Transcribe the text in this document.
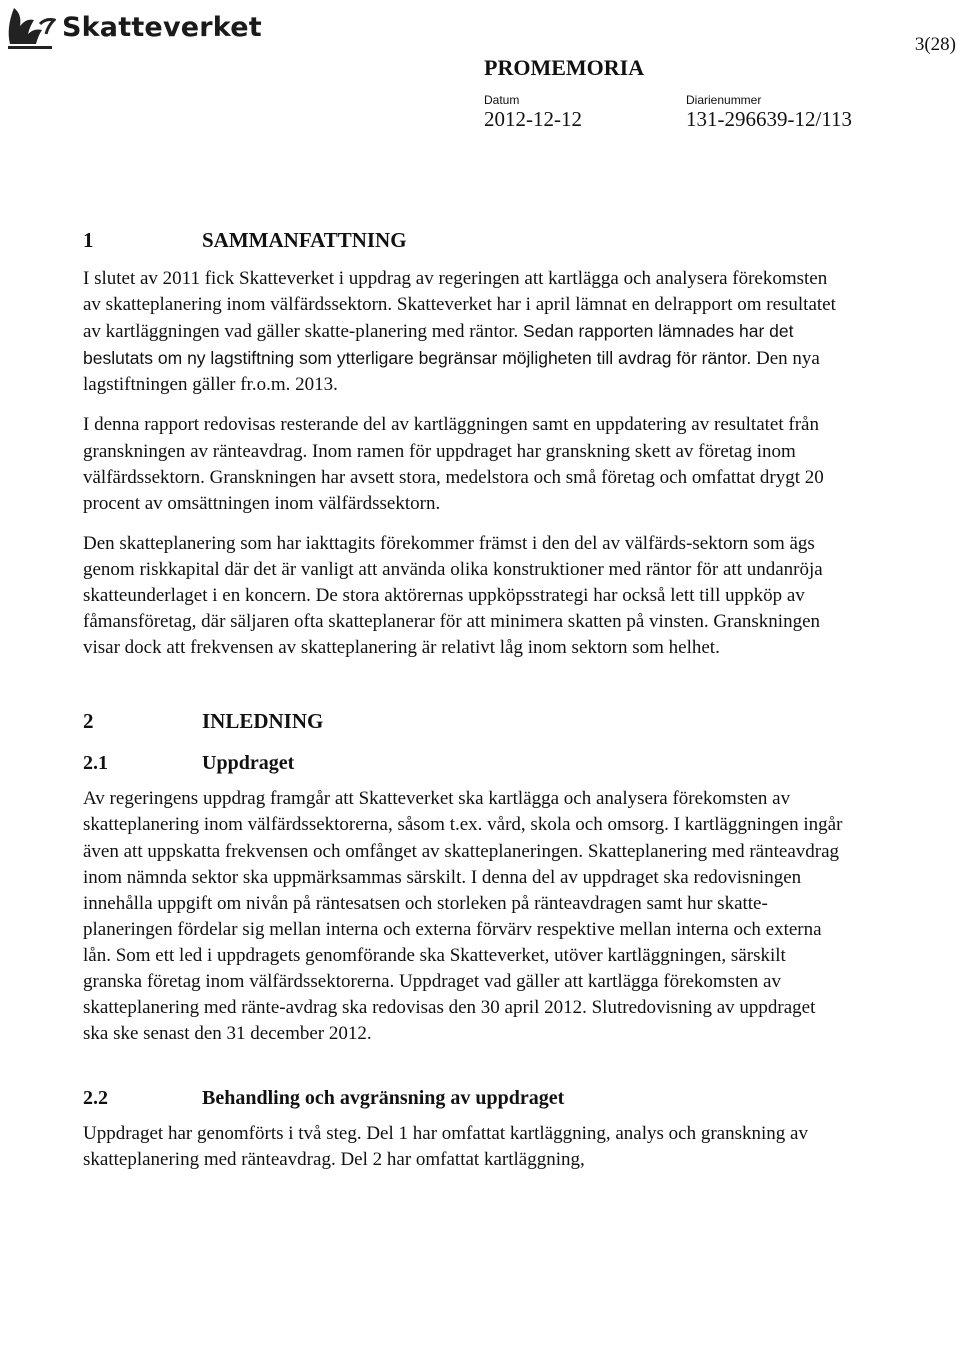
Skatteverket
3(28)
PROMEMORIA
Datum
2012-12-12
Diarienummer
131-296639-12/113
1	SAMMANFATTNING

I slutet av 2011 fick Skatteverket i uppdrag av regeringen att kartlägga och analysera förekomsten av skatteplanering inom välfärdssektorn. Skatteverket har i april lämnat en delrapport om resultatet av kartläggningen vad gäller skatte-planering med räntor. Sedan rapporten lämnades har det beslutats om ny lagstiftning som ytterligare begränsar möjligheten till avdrag för räntor. Den nya lagstiftningen gäller fr.o.m. 2013.

I denna rapport redovisas resterande del av kartläggningen samt en uppdatering av resultatet från granskningen av ränteavdrag. Inom ramen för uppdraget har granskning skett av företag inom välfärdssektorn. Granskningen har avsett stora, medelstora och små företag och omfattat drygt 20 procent av omsättningen inom välfärdssektorn.

Den skatteplanering som har iakttagits förekommer främst i den del av välfärds-sektorn som ägs genom riskkapital där det är vanligt att använda olika konstruktioner med räntor för att undanröja skatteunderlaget i en koncern. De stora aktörernas uppköpsstrategi har också lett till uppköp av fåmansföretag, där säljaren ofta skatteplanerar för att minimera skatten på vinsten. Granskningen visar dock att frekvensen av skatteplanering är relativt låg inom sektorn som helhet.

2	INLEDNING
2.1	Uppdraget

Av regeringens uppdrag framgår att Skatteverket ska kartlägga och analysera förekomsten av skatteplanering inom välfärdssektorerna, såsom t.ex. vård, skola och omsorg. I kartläggningen ingår även att uppskatta frekvensen och omfånget av skatteplaneringen. Skatteplanering med ränteavdrag inom nämnda sektor ska uppmärksammas särskilt. I denna del av uppdraget ska redovisningen innehålla uppgift om nivån på räntesatsen och storleken på ränteavdragen samt hur skatte-planeringen fördelar sig mellan interna och externa förvärv respektive mellan interna och externa lån. Som ett led i uppdragets genomförande ska Skatteverket, utöver kartläggningen, särskilt granska företag inom välfärdssektorerna. Uppdraget vad gäller att kartlägga förekomsten av skatteplanering med ränte-avdrag ska redovisas den 30 april 2012. Slutredovisning av uppdraget ska ske senast den 31 december 2012.

2.2	Behandling och avgränsning av uppdraget

Uppdraget har genomförts i två steg. Del 1 har omfattat kartläggning, analys och granskning av skatteplanering med ränteavdrag. Del 2 har omfattat kartläggning,
